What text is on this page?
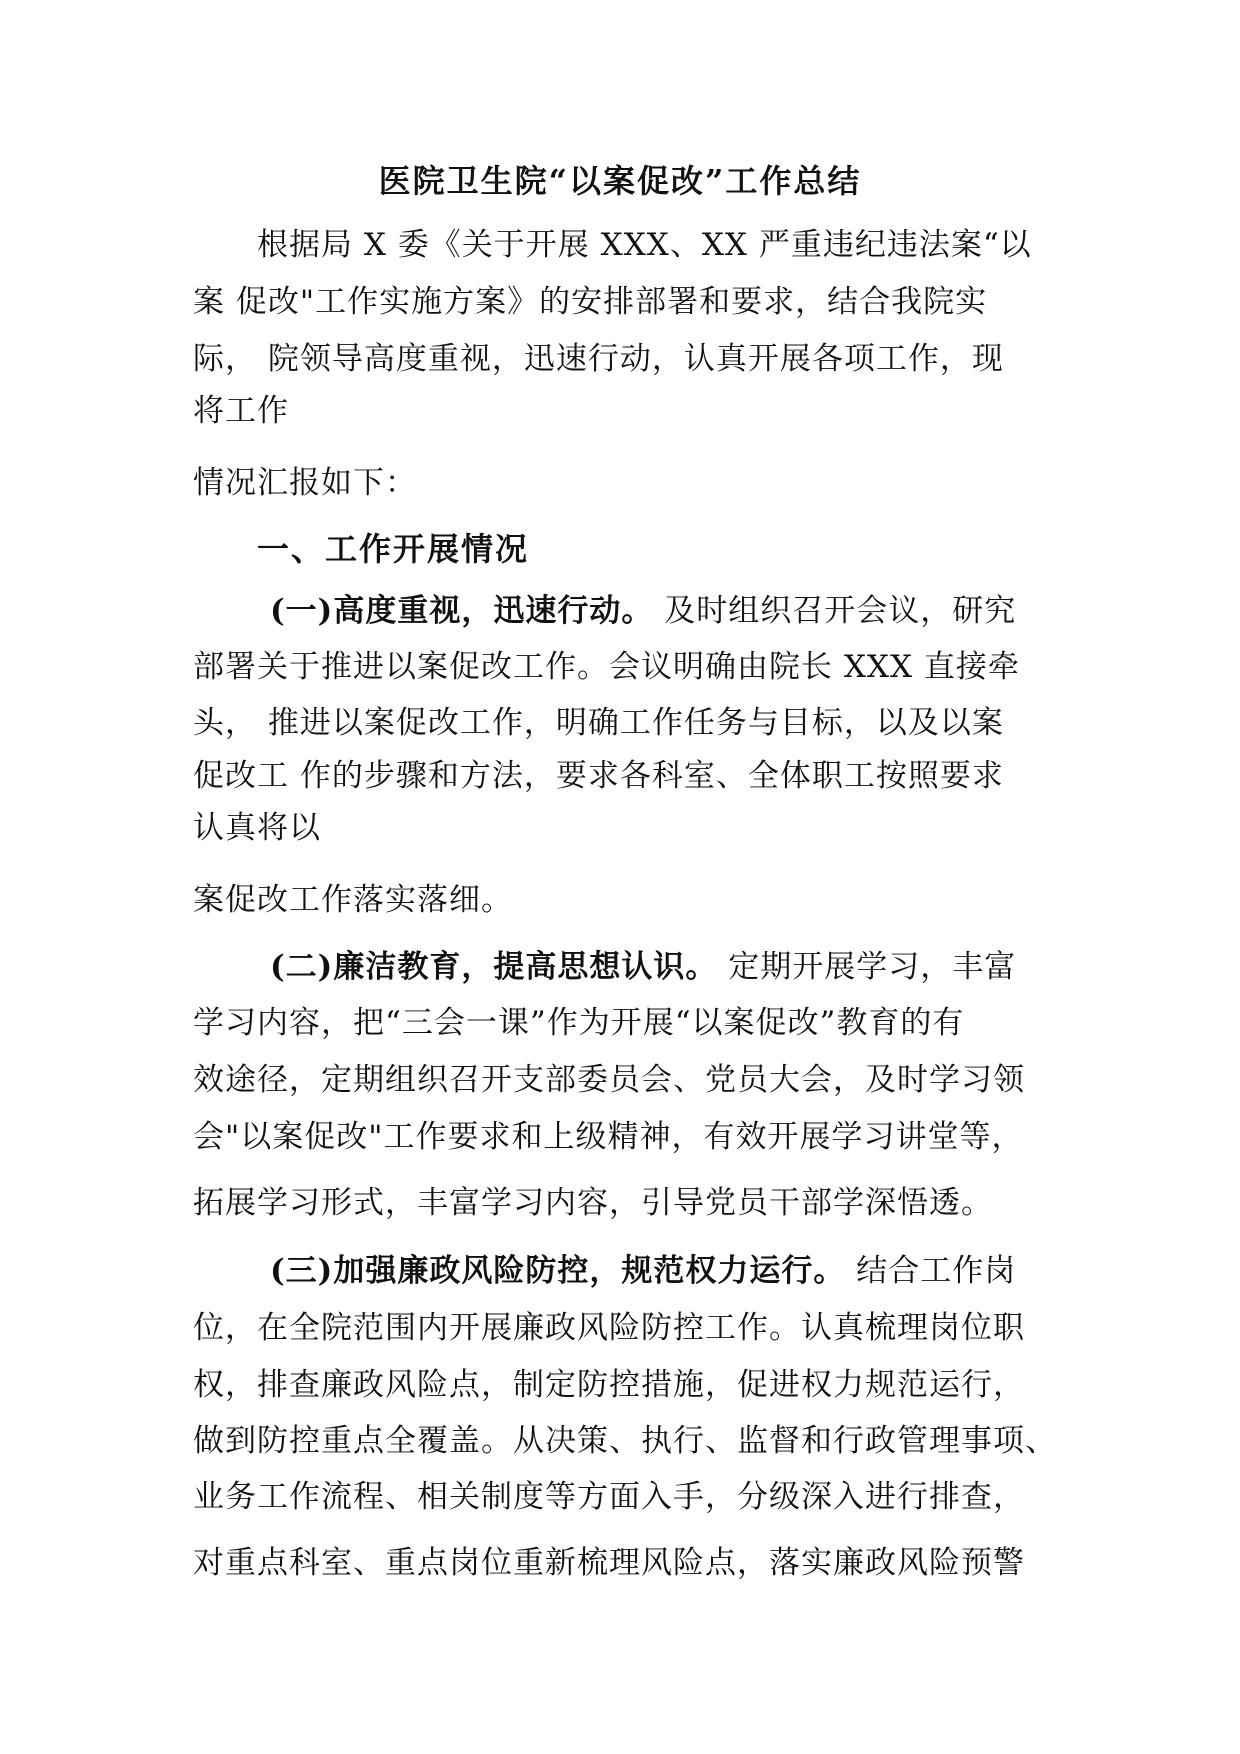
医院卫生院“以案促改”工作总结

根据局 X 委《关于开展 XXX、XX 严重违纪违法案“以

案 促改"工作实施方案》的安排部署和要求，结合我院实

际， 院领导高度重视，迅速行动，认真开展各项工作，现

将工作

情况汇报如下：

一、工作开展情况

(一)高度重视，迅速行动。 及时组织召开会议，研究

部署关于推进以案促改工作。会议明确由院长 XXX 直接牵

头， 推进以案促改工作，明确工作任务与目标，以及以案

促改工 作的步骤和方法，要求各科室、全体职工按照要求

认真将以

案促改工作落实落细。

(二)廉洁教育，提高思想认识。 定期开展学习，丰富

学习内容，把“三会一课”作为开展“以案促改”教育的有

效途径，定期组织召开支部委员会、党员大会，及时学习领

会"以案促改"工作要求和上级精神，有效开展学习讲堂等，

拓展学习形式，丰富学习内容，引导党员干部学深悟透。

(三)加强廉政风险防控，规范权力运行。 结合工作岗

位，在全院范围内开展廉政风险防控工作。认真梳理岗位职

权，排查廉政风险点，制定防控措施，促进权力规范运行，

做到防控重点全覆盖。从决策、执行、监督和行政管理事项、

业务工作流程、相关制度等方面入手，分级深入进行排查，

对重点科室、重点岗位重新梳理风险点，落实廉政风险预警
